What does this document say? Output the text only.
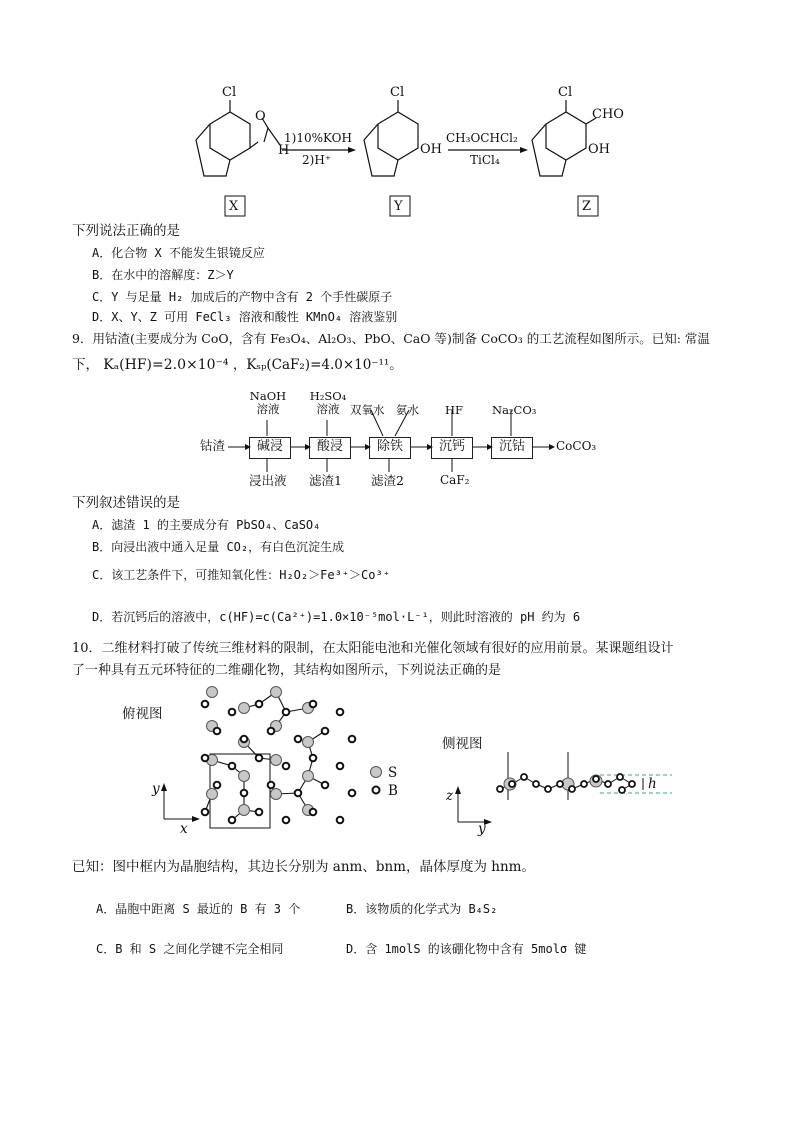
Cl	Cl	Cl
O
H	OH	OH
CHO
1)10%KOH
2)H⁺
CH₃OCHCl₂
TiCl₄
X	Y	Z
下列说法正确的是
A．化合物 X 不能发生银镜反应
B．在水中的溶解度：Z＞Y
C．Y 与足量 H₂ 加成后的产物中含有 2 个手性碳原子
D．X、Y、Z 可用 FeCl₃ 溶液和酸性 KMnO₄ 溶液鉴别
9．用钴渣(主要成分为 CoO，含有 Fe₃O₄、Al₂O₃、PbO、CaO 等)制备 CoCO₃ 的工艺流程如图所示。已知: 常温
下， Kₐ(HF)=2.0×10⁻⁴ ，Kₛₚ(CaF₂)=4.0×10⁻¹¹。
钴渣	CoCO₃
碱浸	酸浸	除铁	沉钙	沉钴
NaOH
溶液
H₂SO₄
溶液 双氧水 氨水 HF	Na₂CO₃
浸出液 滤渣1 滤渣2	CaF₂
下列叙述错误的是
A．滤渣 1 的主要成分有 PbSO₄、CaSO₄
B．向浸出液中通入足量 CO₂，有白色沉淀生成
C．该工艺条件下，可推知氧化性：H₂O₂＞Fe³⁺＞Co³⁺
D．若沉钙后的溶液中，c(HF)=c(Ca²⁺)=1.0×10⁻⁵mol·L⁻¹，则此时溶液的 pH 约为 6
10．二维材料打破了传统三维材料的限制，在太阳能电池和光催化领域有很好的应用前景。某课题组设计
了一种具有五元环特征的二维硼化物，其结构如图所示，下列说法正确的是
俯视图
侧视图
y
x
S
B	z
y
h
已知：图中框内为晶胞结构，其边长分别为 anm、bnm，晶体厚度为 hnm。
A．晶胞中距离 S 最近的 B 有 3 个	B．该物质的化学式为 B₄S₂
C．B 和 S 之间化学键不完全相同	D．含 1molS 的该硼化物中含有 5molσ 键
